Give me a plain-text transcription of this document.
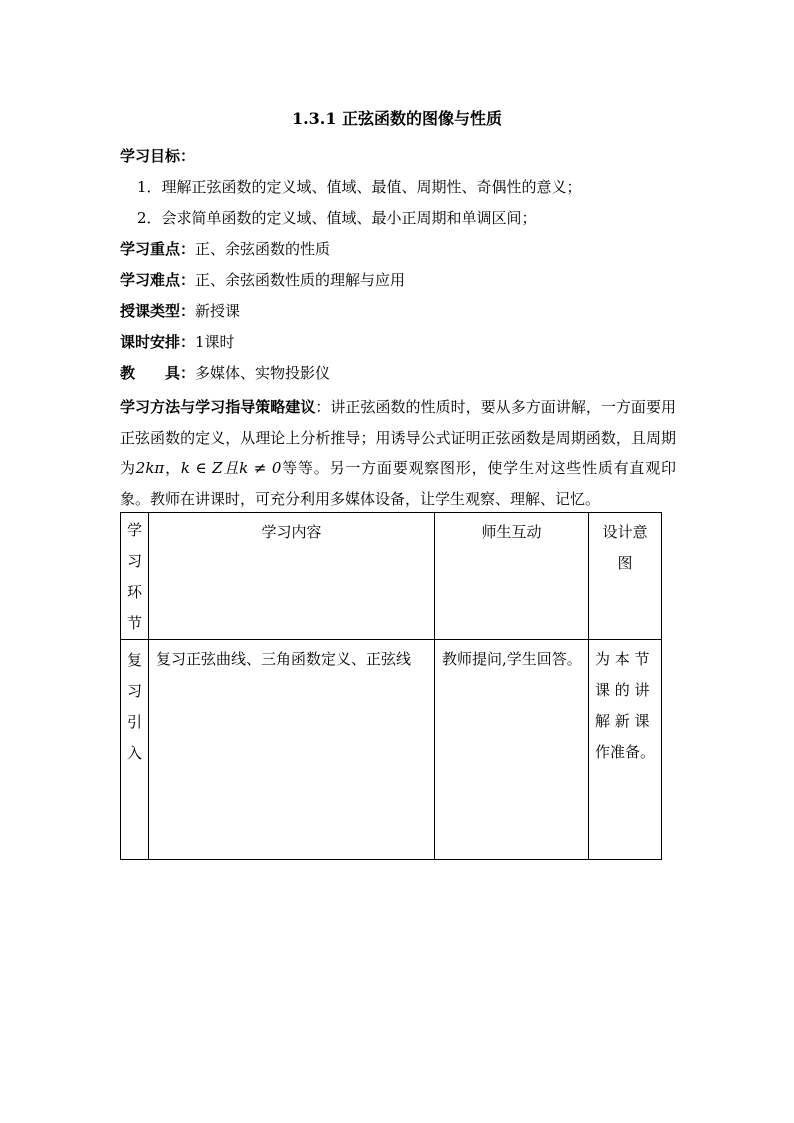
1.3.1 正弦函数的图像与性质
学习目标：
1．理解正弦函数的定义域、值域、最值、周期性、奇偶性的意义；
2．会求简单函数的定义域、值域、最小正周期和单调区间；
学习重点：正、余弦函数的性质
学习难点：正、余弦函数性质的理解与应用
授课类型：新授课
课时安排：1课时
教　　具：多媒体、实物投影仪
学习方法与学习指导策略建议：讲正弦函数的性质时，要从多方面讲解，一方面要用正弦函数的定义，从理论上分析推导；用诱导公式证明正弦函数是周期函数，且周期为2kπ，k ∈ Z且k ≠ 0等等。另一方面要观察图形，使学生对这些性质有直观印象。教师在讲课时，可充分利用多媒体设备，让学生观察、理解、记忆。
学
习
环
节	学习内容	师生互动	设计意
图

复
习
引
入	复习正弦曲线、三角函数定义、正弦线	教师提问,学生回答。	为 本 节
课 的 讲
解 新 课
作准备。
